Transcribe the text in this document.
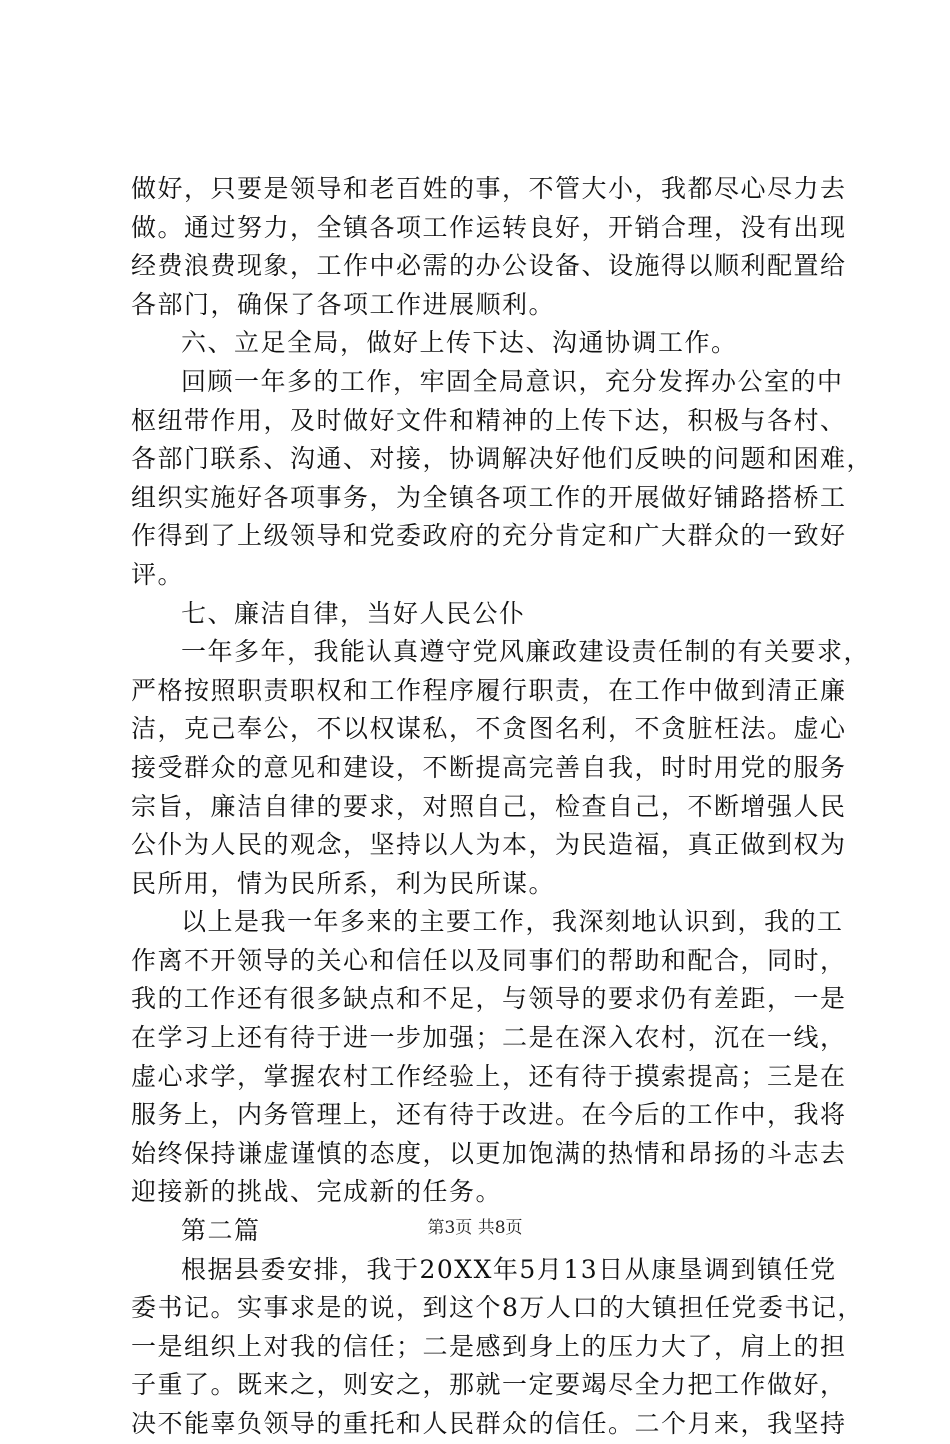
做好，只要是领导和老百姓的事，不管大小，我都尽心尽力去
做。通过努力，全镇各项工作运转良好，开销合理，没有出现
经费浪费现象，工作中必需的办公设备、设施得以顺利配置给
各部门，确保了各项工作进展顺利。
六、立足全局，做好上传下达、沟通协调工作。
回顾一年多的工作，牢固全局意识，充分发挥办公室的中
枢纽带作用，及时做好文件和精神的上传下达，积极与各村、
各部门联系、沟通、对接，协调解决好他们反映的问题和困难，
组织实施好各项事务，为全镇各项工作的开展做好铺路搭桥工
作得到了上级领导和党委政府的充分肯定和广大群众的一致好
评。
七、廉洁自律，当好人民公仆
一年多年，我能认真遵守党风廉政建设责任制的有关要求，
严格按照职责职权和工作程序履行职责，在工作中做到清正廉
洁，克己奉公，不以权谋私，不贪图名利，不贪脏枉法。虚心
接受群众的意见和建设，不断提高完善自我，时时用党的服务
宗旨，廉洁自律的要求，对照自己，检查自己，不断增强人民
公仆为人民的观念，坚持以人为本，为民造福，真正做到权为
民所用，情为民所系，利为民所谋。
以上是我一年多来的主要工作，我深刻地认识到，我的工
作离不开领导的关心和信任以及同事们的帮助和配合，同时，
我的工作还有很多缺点和不足，与领导的要求仍有差距，一是
在学习上还有待于进一步加强；二是在深入农村，沉在一线，
虚心求学，掌握农村工作经验上，还有待于摸索提高；三是在
服务上，内务管理上，还有待于改进。在今后的工作中，我将
始终保持谦虚谨慎的态度，以更加饱满的热情和昂扬的斗志去
迎接新的挑战、完成新的任务。
第二篇
根据县委安排，我于20XX年5月13日从康垦调到镇任党
委书记。实事求是的说，到这个8万人口的大镇担任党委书记，
一是组织上对我的信任；二是感到身上的压力大了，肩上的担
子重了。既来之，则安之，那就一定要竭尽全力把工作做好，
决不能辜负领导的重托和人民群众的信任。二个月来，我坚持
第3页 共8页
